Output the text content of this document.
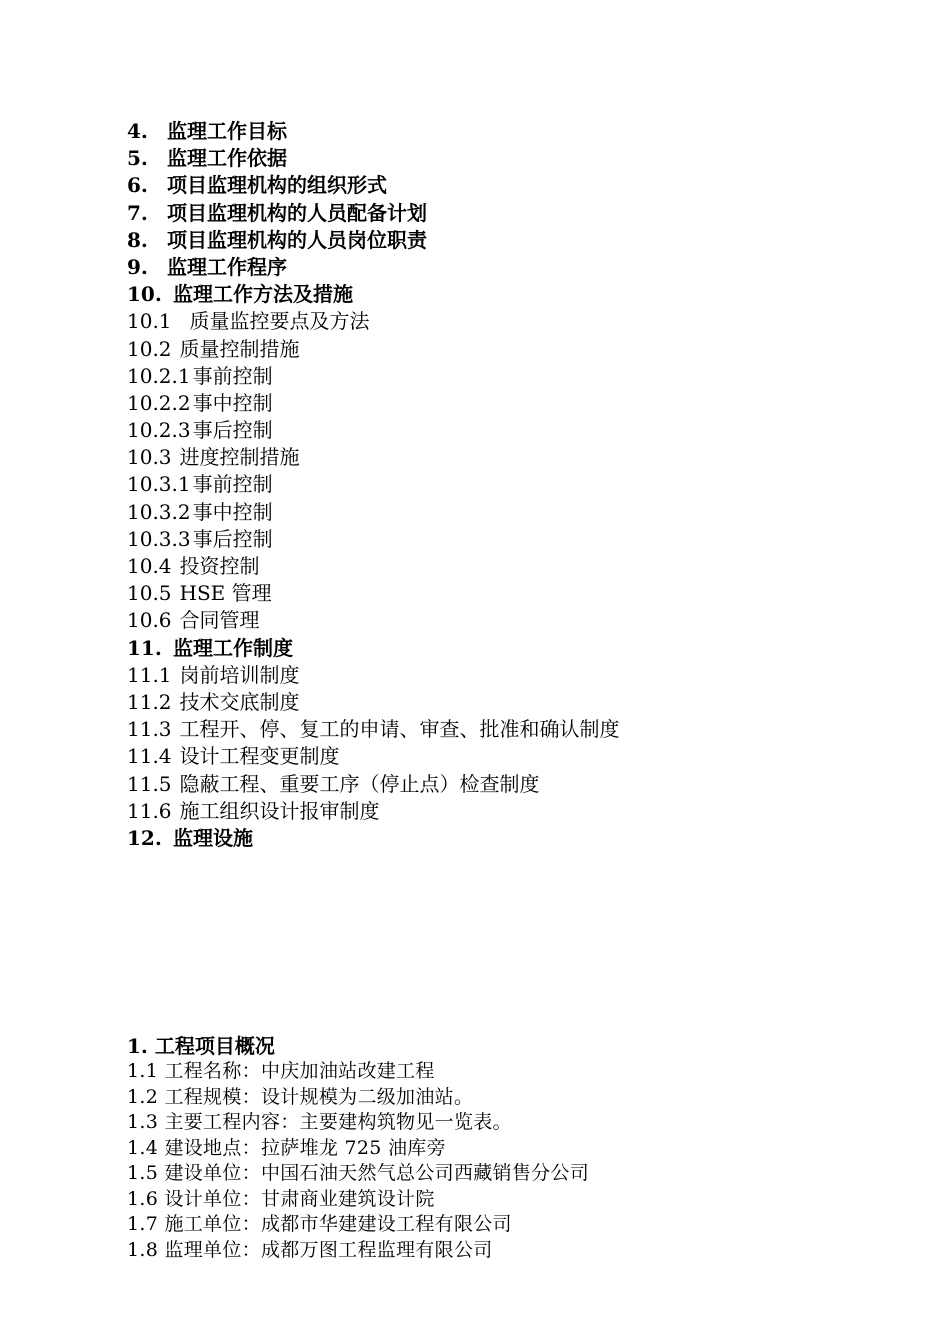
4. 监理工作目标
5. 监理工作依据
6. 项目监理机构的组织形式
7. 项目监理机构的人员配备计划
8. 项目监理机构的人员岗位职责
9. 监理工作程序
10. 监理工作方法及措施
10.1 质量监控要点及方法
10.2 质量控制措施
10.2.1 事前控制
10.2.2 事中控制
10.2.3 事后控制
10.3 进度控制措施
10.3.1 事前控制
10.3.2 事中控制
10.3.3 事后控制
10.4 投资控制
10.5 HSE 管理
10.6 合同管理
11. 监理工作制度
11.1 岗前培训制度
11.2 技术交底制度
11.3 工程开、停、复工的申请、审查、批准和确认制度
11.4 设计工程变更制度
11.5 隐蔽工程、重要工序（停止点）检查制度
11.6 施工组织设计报审制度
12. 监理设施
1. 工程项目概况
1.1 工程名称：中庆加油站改建工程
1.2 工程规模：设计规模为二级加油站。
1.3 主要工程内容：主要建构筑物见一览表。
1.4 建设地点：拉萨堆龙 725 油库旁
1.5 建设单位：中国石油天然气总公司西藏销售分公司
1.6 设计单位：甘肃商业建筑设计院
1.7 施工单位：成都市华建建设工程有限公司
1.8 监理单位：成都万图工程监理有限公司
